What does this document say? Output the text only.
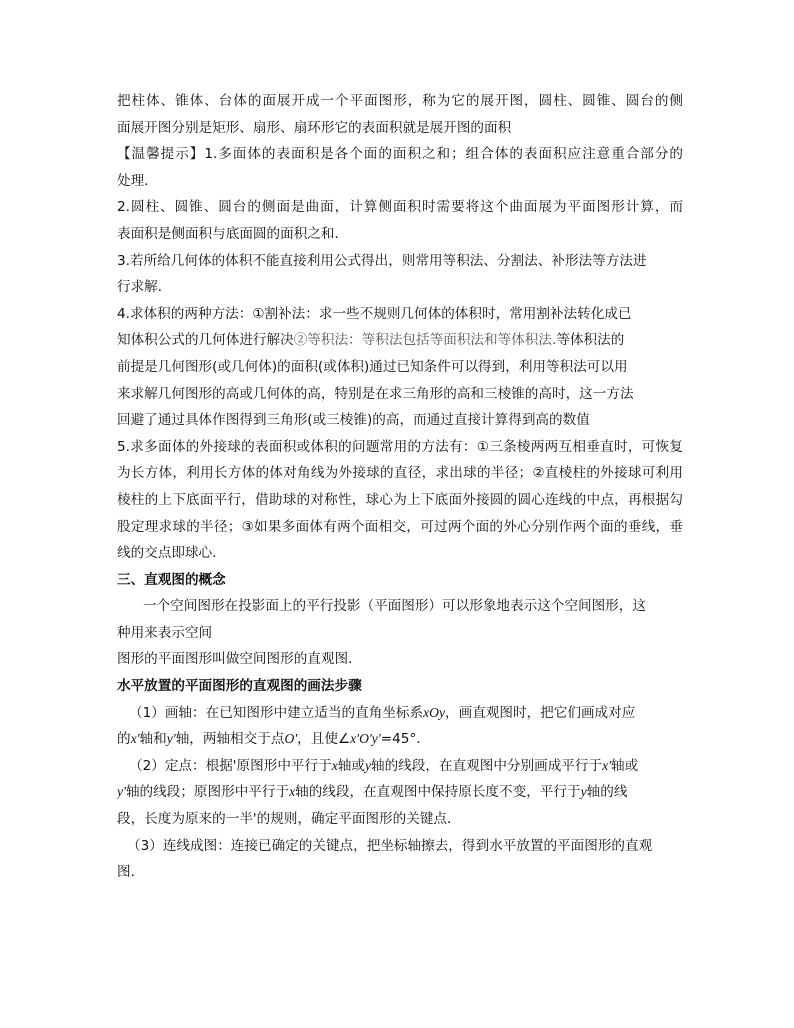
把柱体、锥体、台体的面展开成一个平面图形，称为它的展开图，圆柱、圆锥、圆台的侧
面展开图分别是矩形、扇形、扇环形它的表面积就是展开图的面积
【温馨提示】1.多面体的表面积是各个面的面积之和；组合体的表面积应注意重合部分的
处理．
2.圆柱、圆锥、圆台的侧面是曲面，计算侧面积时需要将这个曲面展为平面图形计算，而
表面积是侧面积与底面圆的面积之和．
3.若所给几何体的体积不能直接利用公式得出，则常用等积法、分割法、补形法等方法进
行求解．
4.求体积的两种方法：①割补法：求一些不规则几何体的体积时，常用割补法转化成已
知体积公式的几何体进行解决②等积法：等积法包括等面积法和等体积法.等体积法的
前提是几何图形(或几何体)的面积(或体积)通过已知条件可以得到，利用等积法可以用
来求解几何图形的高或几何体的高，特别是在求三角形的高和三棱锥的高时，这一方法
回避了通过具体作图得到三角形(或三棱锥)的高，而通过直接计算得到高的数值
5.求多面体的外接球的表面积或体积的问题常用的方法有：①三条棱两两互相垂直时，可恢复
为长方体，利用长方体的体对角线为外接球的直径，求出球的半径；②直棱柱的外接球可利用
棱柱的上下底面平行，借助球的对称性，球心为上下底面外接圆的圆心连线的中点，再根据勾
股定理求球的半径；③如果多面体有两个面相交，可过两个面的外心分别作两个面的垂线，垂
线的交点即球心．
三、直观图的概念
一个空间图形在投影面上的平行投影（平面图形）可以形象地表示这个空间图形，这
种用来表示空间
图形的平面图形叫做空间图形的直观图．
水平放置的平面图形的直观图的画法步骤
（1）画轴：在已知图形中建立适当的直角坐标系xOy，画直观图时，把它们画成对应
的x'轴和y'轴，两轴相交于点O'，且使∠x'O'y'=45°．
（2）定点：根据'原图形中平行于x轴或y轴的线段，在直观图中分别画成平行于x'轴或
y'轴的线段；原图形中平行于x轴的线段，在直观图中保持原长度不变，平行于y轴的线
段，长度为原来的一半'的规则，确定平面图形的关键点．
（3）连线成图：连接已确定的关键点，把坐标轴擦去，得到水平放置的平面图形的直观
图．
